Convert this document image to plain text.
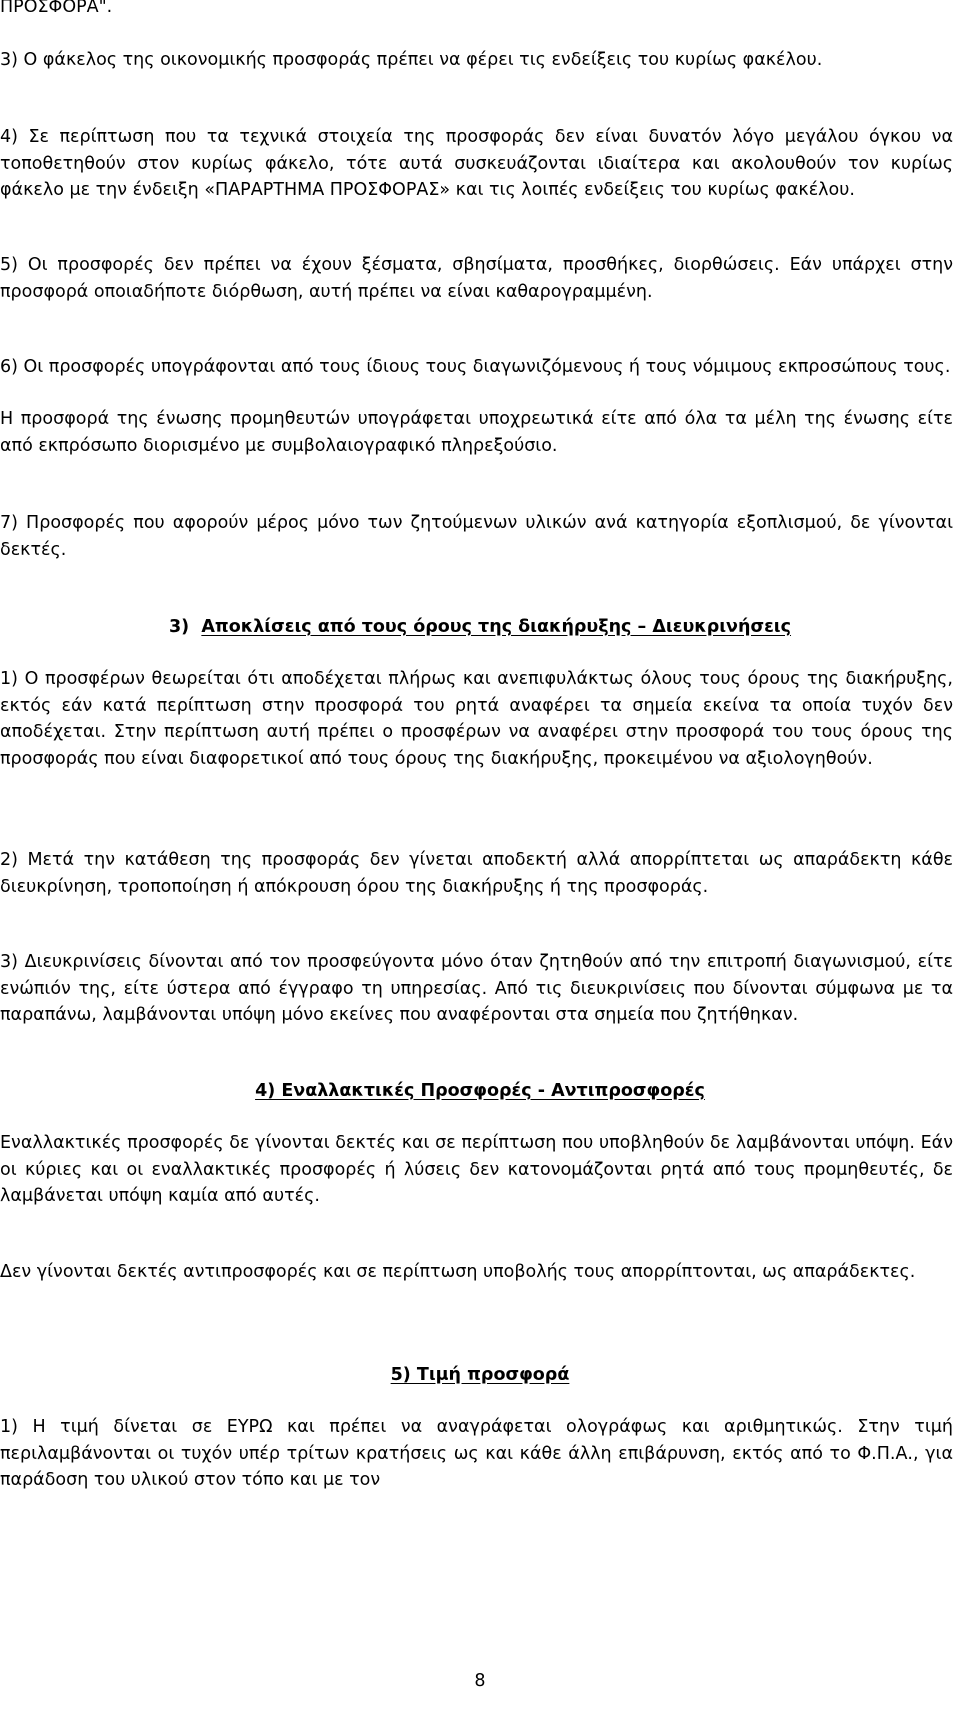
ΠΡΟΣΦΟΡΑ".
3) Ο φάκελος της οικονομικής προσφοράς πρέπει να φέρει τις ενδείξεις του κυρίως φακέλου.
4) Σε περίπτωση που τα τεχνικά στοιχεία της προσφοράς δεν είναι δυνατόν λόγο μεγάλου όγκου να τοποθετηθούν στον κυρίως φάκελο, τότε αυτά συσκευάζονται ιδιαίτερα και ακολουθούν τον κυρίως φάκελο με την ένδειξη «ΠΑΡΑΡΤΗΜΑ ΠΡΟΣΦΟΡΑΣ» και τις λοιπές ενδείξεις του κυρίως φακέλου.
5) Οι προσφορές δεν πρέπει να έχουν ξέσματα, σβησίματα, προσθήκες, διορθώσεις. Εάν υπάρχει στην προσφορά οποιαδήποτε διόρθωση, αυτή πρέπει να είναι καθαρογραμμένη.
6) Οι προσφορές υπογράφονται από τους ίδιους τους διαγωνιζόμενους ή τους νόμιμους εκπροσώπους τους.
Η προσφορά της ένωσης προμηθευτών υπογράφεται υποχρεωτικά είτε από όλα τα μέλη της ένωσης είτε από εκπρόσωπο διορισμένο με συμβολαιογραφικό πληρεξούσιο.
7) Προσφορές που αφορούν μέρος μόνο των ζητούμενων υλικών ανά κατηγορία εξοπλισμού, δε γίνονται δεκτές.
3) Αποκλίσεις από τους όρους της διακήρυξης – Διευκρινήσεις
1) Ο προσφέρων θεωρείται ότι αποδέχεται πλήρως και ανεπιφυλάκτως όλους τους όρους της διακήρυξης, εκτός εάν κατά περίπτωση στην προσφορά του ρητά αναφέρει τα σημεία εκείνα τα οποία τυχόν δεν αποδέχεται. Στην περίπτωση αυτή πρέπει ο προσφέρων να αναφέρει στην προσφορά του τους όρους της προσφοράς που είναι διαφορετικοί από τους όρους της διακήρυξης, προκειμένου να αξιολογηθούν.
2) Μετά την κατάθεση της προσφοράς δεν γίνεται αποδεκτή αλλά απορρίπτεται ως απαράδεκτη κάθε διευκρίνηση, τροποποίηση ή απόκρουση όρου της διακήρυξης ή της προσφοράς.
3) Διευκρινίσεις δίνονται από τον προσφεύγοντα μόνο όταν ζητηθούν από την επιτροπή διαγωνισμού, είτε ενώπιόν της, είτε ύστερα από έγγραφο τη υπηρεσίας. Από τις διευκρινίσεις που δίνονται σύμφωνα με τα παραπάνω, λαμβάνονται υπόψη μόνο εκείνες που αναφέρονται στα σημεία που ζητήθηκαν.
4) Εναλλακτικές Προσφορές - Αντιπροσφορές
Εναλλακτικές προσφορές δε γίνονται δεκτές και σε περίπτωση που υποβληθούν δε λαμβάνονται υπόψη. Εάν οι κύριες και οι εναλλακτικές προσφορές ή λύσεις δεν κατονομάζονται ρητά από τους προμηθευτές, δε λαμβάνεται υπόψη καμία από αυτές.
Δεν γίνονται δεκτές αντιπροσφορές και σε περίπτωση υποβολής τους απορρίπτονται, ως απαράδεκτες.
5) Τιμή προσφορά
1) Η τιμή δίνεται σε ΕΥΡΩ και πρέπει να αναγράφεται ολογράφως και αριθμητικώς. Στην τιμή περιλαμβάνονται οι τυχόν υπέρ τρίτων κρατήσεις ως και κάθε άλλη επιβάρυνση, εκτός από το Φ.Π.Α., για παράδοση του υλικού στον τόπο και με τον
8
